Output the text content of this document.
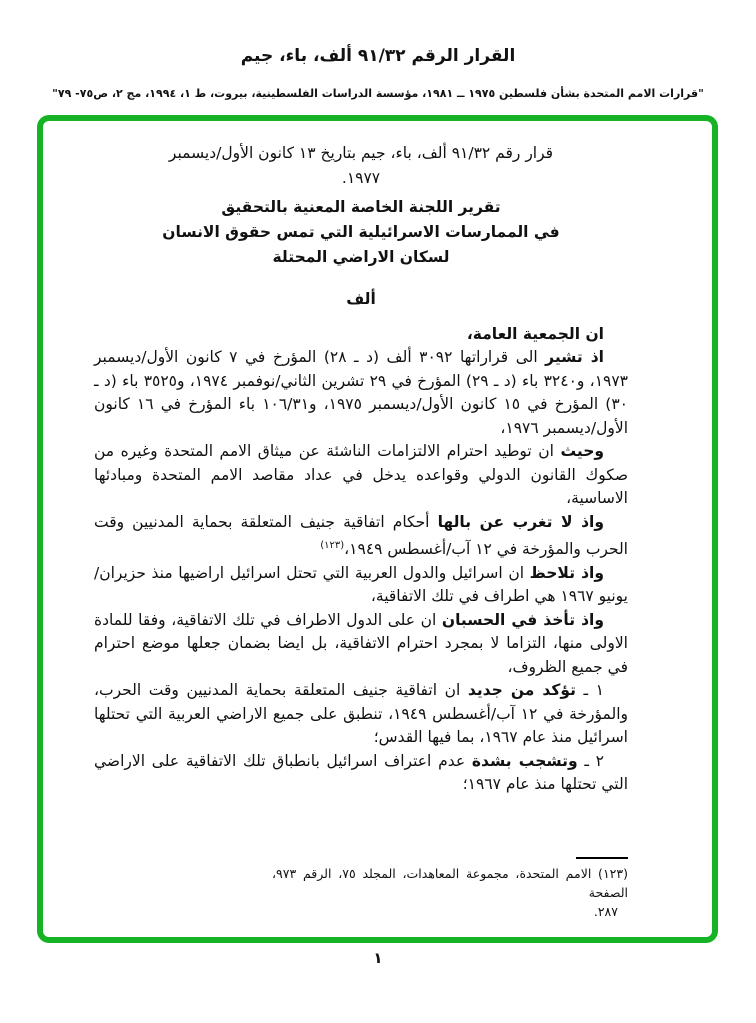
القرار الرقم ٩١/٣٢ ألف، باء، جيم
"قرارات الامم المتحدة بشأن فلسطين ١٩٧٥ ــ ١٩٨١، مؤسسة الدراسات الفلسطينية، بيروت، ط ١، ١٩٩٤، مج ٢، ص٧٥- ٧٩"
قرار رقم ٩١/٣٢ ألف، باء، جيم بتاريخ ١٣ كانون الأول/ديسمبر
١٩٧٧.
تقرير اللجنة الخاصة المعنية بالتحقيق
في الممارسات الاسرائيلية التي تمس حقوق الانسان
لسكان الاراضي المحتلة
ألف

ان الجمعية العامة،

اذ تشير الى قراراتها ٣٠٩٢ ألف (د ـ ٢٨) المؤرخ في ٧ كانون الأول/ديسمبر ١٩٧٣، و٣٢٤٠ باء (د ـ ٢٩) المؤرخ في ٢٩ تشرين الثاني/نوفمبر ١٩٧٤، و٣٥٢٥ باء (د ـ ٣٠) المؤرخ في ١٥ كانون الأول/ديسمبر ١٩٧٥، و١٠٦/٣١ باء المؤرخ في ١٦ كانون الأول/ديسمبر ١٩٧٦،

وحيث ان توطيد احترام الالتزامات الناشئة عن ميثاق الامم المتحدة وغيره من صكوك القانون الدولي وقواعده يدخل في عداد مقاصد الامم المتحدة ومبادئها الاساسية،

واذ لا تغرب عن بالها أحكام اتفاقية جنيف المتعلقة بحماية المدنيين وقت الحرب والمؤرخة في ١٢ آب/أغسطس ١٩٤٩،$^{(١٢٣)}$

واذ تلاحظ ان اسرائيل والدول العربية التي تحتل اسرائيل اراضيها منذ حزيران/يونيو ١٩٦٧ هي اطراف في تلك الاتفاقية،

واذ تأخذ في الحسبان ان على الدول الاطراف في تلك الاتفاقية، وفقا للمادة الاولى منها، التزاما لا بمجرد احترام الاتفاقية، بل ايضا بضمان جعلها موضع احترام في جميع الظروف،

١ ـ تؤكد من جديد ان اتفاقية جنيف المتعلقة بحماية المدنيين وقت الحرب، والمؤرخة في ١٢ آب/أغسطس ١٩٤٩، تنطبق على جميع الاراضي العربية التي تحتلها اسرائيل منذ عام ١٩٦٧، بما فيها القدس؛

٢ ـ وتشجب بشدة عدم اعتراف اسرائيل بانطباق تلك الاتفاقية على الاراضي التي تحتلها منذ عام ١٩٦٧؛

(١٢٣) الامم المتحدة، مجموعة المعاهدات، المجلد ٧٥، الرقم ٩٧٣، الصفحة
٢٨٧.
١
